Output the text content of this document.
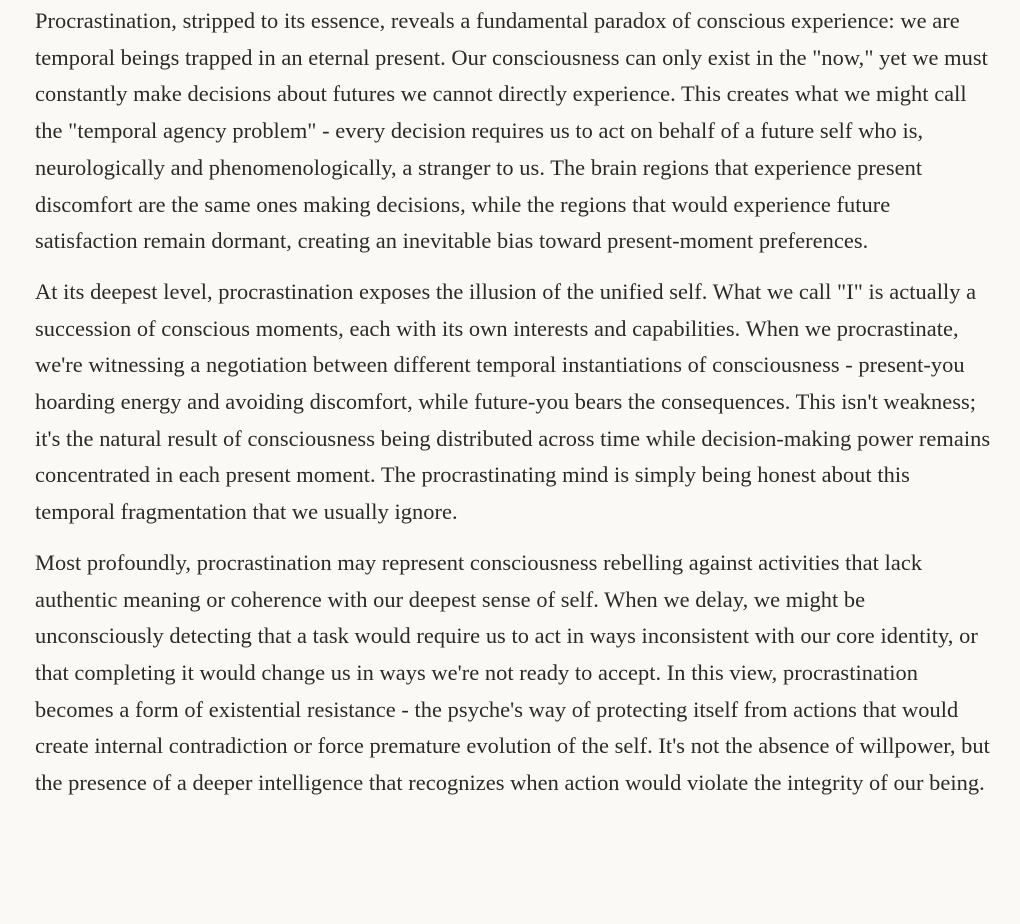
Procrastination, stripped to its essence, reveals a fundamental paradox of conscious experience: we are temporal beings trapped in an eternal present. Our consciousness can only exist in the "now," yet we must constantly make decisions about futures we cannot directly experience. This creates what we might call the "temporal agency problem" - every decision requires us to act on behalf of a future self who is, neurologically and phenomenologically, a stranger to us. The brain regions that experience present discomfort are the same ones making decisions, while the regions that would experience future satisfaction remain dormant, creating an inevitable bias toward present-moment preferences.

At its deepest level, procrastination exposes the illusion of the unified self. What we call "I" is actually a succession of conscious moments, each with its own interests and capabilities. When we procrastinate, we're witnessing a negotiation between different temporal instantiations of consciousness - present-you hoarding energy and avoiding discomfort, while future-you bears the consequences. This isn't weakness; it's the natural result of consciousness being distributed across time while decision-making power remains concentrated in each present moment. The procrastinating mind is simply being honest about this temporal fragmentation that we usually ignore.

Most profoundly, procrastination may represent consciousness rebelling against activities that lack authentic meaning or coherence with our deepest sense of self. When we delay, we might be unconsciously detecting that a task would require us to act in ways inconsistent with our core identity, or that completing it would change us in ways we're not ready to accept. In this view, procrastination becomes a form of existential resistance - the psyche's way of protecting itself from actions that would create internal contradiction or force premature evolution of the self. It's not the absence of willpower, but the presence of a deeper intelligence that recognizes when action would violate the integrity of our being.
